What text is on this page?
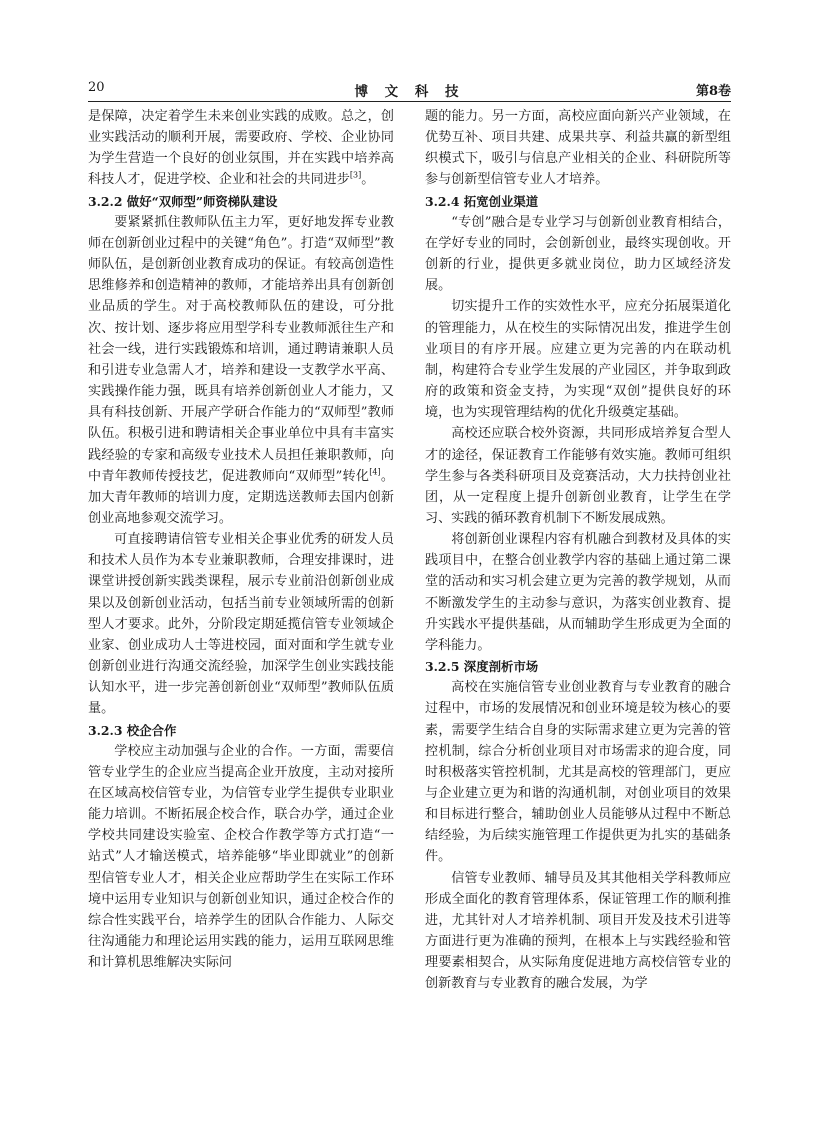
20	博 文 科 技	第8卷

是保障，决定着学生未来创业实践的成败。总之，创业实践活动的顺利开展，需要政府、学校、企业协同为学生营造一个良好的创业氛围，并在实践中培养高科技人才，促进学校、企业和社会的共同进步[3]。

3.2.2 做好“双师型”师资梯队建设

要紧紧抓住教师队伍主力军，更好地发挥专业教师在创新创业过程中的关键“角色”。打造“双师型”教师队伍，是创新创业教育成功的保证。有较高创造性思维修养和创造精神的教师，才能培养出具有创新创业品质的学生。对于高校教师队伍的建设，可分批次、按计划、逐步将应用型学科专业教师派往生产和社会一线，进行实践锻炼和培训，通过聘请兼职人员和引进专业急需人才，培养和建设一支教学水平高、实践操作能力强，既具有培养创新创业人才能力，又具有科技创新、开展产学研合作能力的“双师型”教师队伍。积极引进和聘请相关企事业单位中具有丰富实践经验的专家和高级专业技术人员担任兼职教师，向中青年教师传授技艺，促进教师向“双师型”转化[4]。加大青年教师的培训力度，定期选送教师去国内创新创业高地参观交流学习。

可直接聘请信管专业相关企事业优秀的研发人员和技术人员作为本专业兼职教师，合理安排课时，进课堂讲授创新实践类课程，展示专业前沿创新创业成果以及创新创业活动，包括当前专业领域所需的创新型人才要求。此外，分阶段定期延揽信管专业领域企业家、创业成功人士等进校园，面对面和学生就专业创新创业进行沟通交流经验，加深学生创业实践技能认知水平，进一步完善创新创业“双师型”教师队伍质量。

3.2.3 校企合作

学校应主动加强与企业的合作。一方面，需要信管专业学生的企业应当提高企业开放度，主动对接所在区域高校信管专业，为信管专业学生提供专业职业能力培训。不断拓展企校合作，联合办学，通过企业学校共同建设实验室、企校合作教学等方式打造“一站式”人才输送模式，培养能够“毕业即就业”的创新型信管专业人才，相关企业应帮助学生在实际工作环境中运用专业知识与创新创业知识，通过企校合作的综合性实践平台，培养学生的团队合作能力、人际交往沟通能力和理论运用实践的能力，运用互联网思维和计算机思维解决实际问

题的能力。另一方面，高校应面向新兴产业领域，在优势互补、项目共建、成果共享、利益共赢的新型组织模式下，吸引与信息产业相关的企业、科研院所等参与创新型信管专业人才培养。

3.2.4 拓宽创业渠道

“专创”融合是专业学习与创新创业教育相结合，在学好专业的同时，会创新创业，最终实现创收。开创新的行业，提供更多就业岗位，助力区域经济发展。

切实提升工作的实效性水平，应充分拓展渠道化的管理能力，从在校生的实际情况出发，推进学生创业项目的有序开展。应建立更为完善的内在联动机制，构建符合专业学生发展的产业园区，并争取到政府的政策和资金支持，为实现“双创”提供良好的环境，也为实现管理结构的优化升级奠定基础。

高校还应联合校外资源，共同形成培养复合型人才的途径，保证教育工作能够有效实施。教师可组织学生参与各类科研项目及竞赛活动，大力扶持创业社团，从一定程度上提升创新创业教育，让学生在学习、实践的循环教育机制下不断发展成熟。

将创新创业课程内容有机融合到教材及具体的实践项目中，在整合创业教学内容的基础上通过第二课堂的活动和实习机会建立更为完善的教学规划，从而不断激发学生的主动参与意识，为落实创业教育、提升实践水平提供基础，从而辅助学生形成更为全面的学科能力。

3.2.5 深度剖析市场

高校在实施信管专业创业教育与专业教育的融合过程中，市场的发展情况和创业环境是较为核心的要素，需要学生结合自身的实际需求建立更为完善的管控机制，综合分析创业项目对市场需求的迎合度，同时积极落实管控机制，尤其是高校的管理部门，更应与企业建立更为和谐的沟通机制，对创业项目的效果和目标进行整合，辅助创业人员能够从过程中不断总结经验，为后续实施管理工作提供更为扎实的基础条件。

信管专业教师、辅导员及其其他相关学科教师应形成全面化的教育管理体系，保证管理工作的顺利推进，尤其针对人才培养机制、项目开发及技术引进等方面进行更为准确的预判，在根本上与实践经验和管理要素相契合，从实际角度促进地方高校信管专业的创新教育与专业教育的融合发展，为学
